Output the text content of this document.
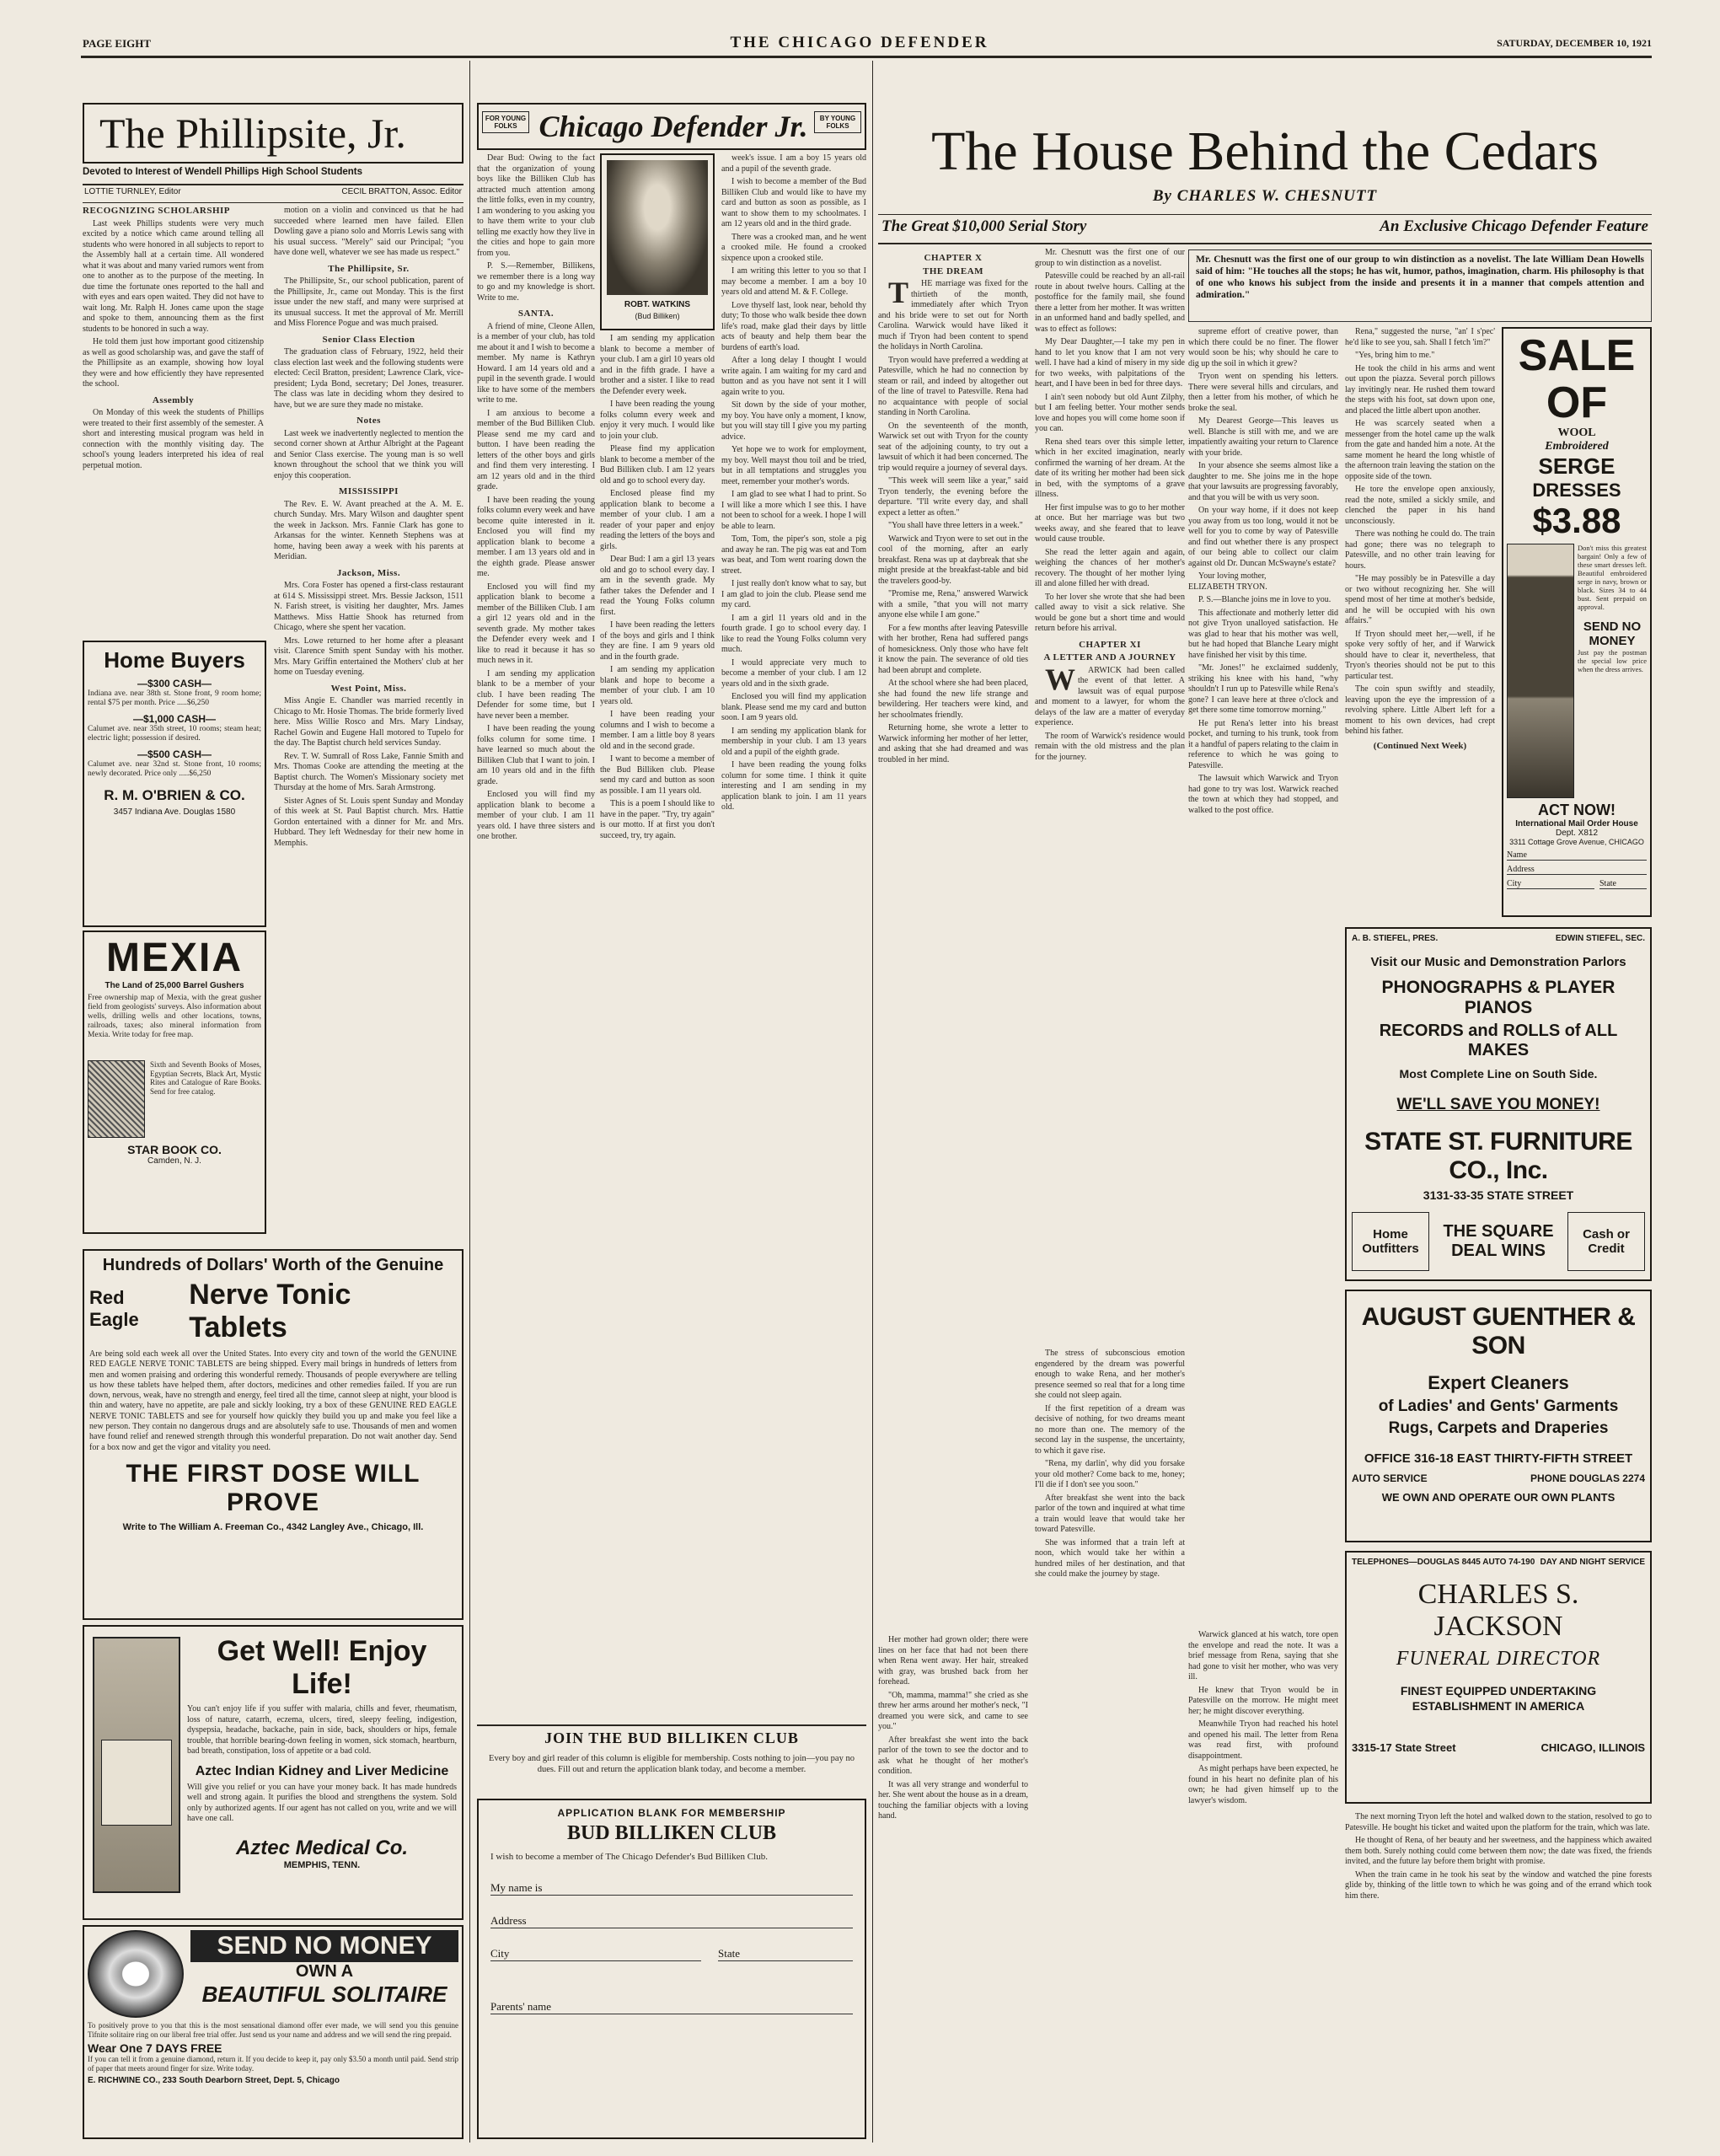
PAGE EIGHT	THE CHICAGO DEFENDER	SATURDAY, DECEMBER 10, 1921
The Phillipsite, Jr.
Devoted to Interest of Wendell Phillips High School Students
LOTTIE TURNLEY, Editor	CECIL BRATTON, Assoc. Editor
RECOGNIZING SCHOLARSHIP

Last week Phillips students were very much excited by a notice which came around telling all students who were honored in all subjects to report to the Assembly hall at a certain time. All wondered what it was about and many varied rumors went from one to another as to the purpose of the meeting. In due time the fortunate ones reported to the hall and with eyes and ears open waited. They did not have to wait long. Mr. Ralph H. Jones came upon the stage and spoke to them, announcing them as the first students to be honored in such a way.

He told them just how important good citizenship as well as good scholarship was, and gave the staff of the Phillipsite as an example, showing how loyal they were and how efficiently they have represented the school.

Assembly

On Monday of this week the students of Phillips were treated to their first assembly of the semester. A short and interesting musical program was held in connection with the monthly visiting day. The school's young leaders interpreted his idea of real perpetual motion.

motion on a violin and convinced us that he had succeeded where learned men have failed. Ellen Dowling gave a piano solo and Morris Lewis sang with his usual success. "Merely" said our Principal; "you have done well, whatever we see has made us respect."

The Phillipsite, Sr.

The Phillipsite, Sr., our school publication, parent of the Phillipsite, Jr., came out Monday. This is the first issue under the new staff, and many were surprised at its unusual success. It met the approval of Mr. Merrill and Miss Florence Pogue and was much praised.

Senior Class Election

The graduation class of February, 1922, held their class election last week and the following students were elected: Cecil Bratton, president; Lawrence Clark, vice-president; Lyda Bond, secretary; Del Jones, treasurer. The class was late in deciding whom they desired to have, but we are sure they made no mistake.

Notes

Last week we inadvertently neglected to mention the second corner shown at Arthur Albright at the Pageant and Senior Class exercise. The young man is so well known throughout the school that we think you will enjoy this cooperation.

MISSISSIPPI

The Rev. E. W. Avant preached at the A. M. E. church Sunday. Mrs. Mary Wilson and daughter spent the week in Jackson. Mrs. Fannie Clark has gone to Arkansas for the winter. Kenneth Stephens was at home, having been away a week with his parents at Meridian.

Jackson, Miss.

Mrs. Cora Foster has opened a first-class restaurant at 614 S. Mississippi street. Mrs. Bessie Jackson, 1511 N. Farish street, is visiting her daughter, Mrs. James Matthews. Miss Hattie Shook has returned from Chicago, where she spent her vacation.

Mrs. Lowe returned to her home after a pleasant visit. Clarence Smith spent Sunday with his mother. Mrs. Mary Griffin entertained the Mothers' club at her home on Tuesday evening.

West Point, Miss.

Miss Angie E. Chandler was married recently in Chicago to Mr. Hosie Thomas. The bride formerly lived here. Miss Willie Rosco and Mrs. Mary Lindsay, Rachel Gowin and Eugene Hall motored to Tupelo for the day. The Baptist church held services Sunday.

Rev. T. W. Sumrall of Ross Lake, Fannie Smith and Mrs. Thomas Cooke are attending the meeting at the Baptist church. The Women's Missionary society met Thursday at the home of Mrs. Sarah Armstrong.

Sister Agnes of St. Louis spent Sunday and Monday of this week at St. Paul Baptist church. Mrs. Hattie Gordon entertained with a dinner for Mr. and Mrs. Hubbard. They left Wednesday for their new home in Memphis.

Home Buyers
—$300 CASH—
Indiana ave. near 38th st. Stone front, 9 room home; rental $75 per month. Price .....$6,250
—$1,000 CASH—
Calumet ave. near 35th street, 10 rooms; steam heat; electric light; possession if desired.
—$500 CASH—
Calumet ave. near 32nd st. Stone front, 10 rooms; newly decorated. Price only .....$6,250
R. M. O'BRIEN & CO.
3457 Indiana Ave. Douglas 1580
MEXIA
The Land of 25,000 Barrel Gushers
Free ownership map of Mexia, with the great gusher field from geologists' surveys. Also information about wells, drilling wells and other locations, towns, railroads, taxes; also mineral information from Mexia. Write today for free map.
Sixth and Seventh Books of Moses, Egyptian Secrets, Black Art, Mystic Rites and Catalogue of Rare Books. Send for free catalog.
STAR BOOK CO.
Camden, N. J.
Hundreds of Dollars' Worth of the Genuine
Red Eagle
Nerve Tonic Tablets
Are being sold each week all over the United States. Into every city and town of the world the GENUINE RED EAGLE NERVE TONIC TABLETS are being shipped. Every mail brings in hundreds of letters from men and women praising and ordering this wonderful remedy. Thousands of people everywhere are telling us how these tablets have helped them, after doctors, medicines and other remedies failed. If you are run down, nervous, weak, have no strength and energy, feel tired all the time, cannot sleep at night, your blood is thin and watery, have no appetite, are pale and sickly looking, try a box of these GENUINE RED EAGLE NERVE TONIC TABLETS and see for yourself how quickly they build you up and make you feel like a new person. They contain no dangerous drugs and are absolutely safe to use. Thousands of men and women have found relief and renewed strength through this wonderful preparation. Do not wait another day. Send for a box now and get the vigor and vitality you need.
THE FIRST DOSE WILL PROVE
Write to The William A. Freeman Co., 4342 Langley Ave., Chicago, Ill.
Get Well! Enjoy Life!
You can't enjoy life if you suffer with malaria, chills and fever, rheumatism, loss of nature, catarrh, eczema, ulcers, tired, sleepy feeling, indigestion, dyspepsia, headache, backache, pain in side, back, shoulders or hips, female trouble, that horrible bearing-down feeling in women, sick stomach, heartburn, bad breath, constipation, loss of appetite or a bad cold.
Aztec Indian Kidney and Liver Medicine
Will give you relief or you can have your money back. It has made hundreds well and strong again. It purifies the blood and strengthens the system. Sold only by authorized agents. If our agent has not called on you, write and we will have one call.
Aztec Medical Co.
MEMPHIS, TENN.
SEND NO MONEY
OWN A
BEAUTIFUL SOLITAIRE
To positively prove to you that this is the most sensational diamond offer ever made, we will send you this genuine Tifnite solitaire ring on our liberal free trial offer. Just send us your name and address and we will send the ring prepaid.
Wear One 7 DAYS FREE
If you can tell it from a genuine diamond, return it. If you decide to keep it, pay only $3.50 a month until paid. Send strip of paper that meets around finger for size. Write today.
E. RICHWINE CO., 233 South Dearborn Street, Dept. 5, Chicago
FOR YOUNG FOLKS Chicago Defender Jr.	BY YOUNG FOLKS

Dear Bud: Owing to the fact that the organization of young boys like the Billiken Club has attracted much attention among the little folks, even in my country, I am wondering to you asking you to have them write to your club telling me exactly how they live in the cities and hope to gain more from you.

P. S.—Remember, Billikens, we remember there is a long way to go and my knowledge is short. Write to me.

SANTA.

A friend of mine, Cleone Allen, is a member of your club, has told me about it and I wish to become a member. My name is Kathryn Howard. I am 14 years old and a pupil in the seventh grade. I would like to have some of the members write to me.

I am anxious to become a member of the Bud Billiken Club. Please send me my card and button. I have been reading the letters of the other boys and girls and find them very interesting. I am 12 years old and in the third grade.

I have been reading the young folks column every week and have become quite interested in it. Enclosed you will find my application blank to become a member. I am 13 years old and in the eighth grade. Please answer me.

Enclosed you will find my application blank to become a member of the Billiken Club. I am a girl 12 years old and in the seventh grade. My mother takes the Defender every week and I like to read it because it has so much news in it.

I am sending my application blank to be a member of your club. I have been reading The Defender for some time, but I have never been a member.

I have been reading the young folks column for some time. I have learned so much about the Billiken Club that I want to join. I am 10 years old and in the fifth grade.

Enclosed you will find my application blank to become a member of your club. I am 11 years old. I have three sisters and one brother.

ROBT. WATKINS
(Bud Billiken)

I am sending my application blank to become a member of your club. I am a girl 10 years old and in the fifth grade. I have a brother and a sister. I like to read the Defender every week.

I have been reading the young folks column every week and enjoy it very much. I would like to join your club.

Please find my application blank to become a member of the Bud Billiken club. I am 12 years old and go to school every day.

Enclosed please find my application blank to become a member of your club. I am a reader of your paper and enjoy reading the letters of the boys and girls.

Dear Bud: I am a girl 13 years old and go to school every day. I am in the seventh grade. My father takes the Defender and I read the Young Folks column first.

I have been reading the letters of the boys and girls and I think they are fine. I am 9 years old and in the fourth grade.

I am sending my application blank and hope to become a member of your club. I am 10 years old.

I have been reading your columns and I wish to become a member. I am a little boy 8 years old and in the second grade.

I want to become a member of the Bud Billiken club. Please send my card and button as soon as possible. I am 11 years old.

This is a poem I should like to have in the paper. "Try, try again" is our motto. If at first you don't succeed, try, try again.

week's issue. I am a boy 15 years old and a pupil of the seventh grade.

I wish to become a member of the Bud Billiken Club and would like to have my card and button as soon as possible, as I want to show them to my schoolmates. I am 12 years old and in the third grade.

There was a crooked man, and he went a crooked mile. He found a crooked sixpence upon a crooked stile.

I am writing this letter to you so that I may become a member. I am a boy 10 years old and attend M. & F. College.

Love thyself last, look near, behold thy duty; To those who walk beside thee down life's road, make glad their days by little acts of beauty and help them bear the burdens of earth's load.

After a long delay I thought I would write again. I am waiting for my card and button and as you have not sent it I will again write to you.

Sit down by the side of your mother, my boy. You have only a moment, I know, but you will stay till I give you my parting advice.

Yet hope we to work for employment, my boy. Well mayst thou toil and be tried, but in all temptations and struggles you meet, remember your mother's words.

I am glad to see what I had to print. So I will like a more which I see this. I have not been to school for a week. I hope I will be able to learn.

Tom, Tom, the piper's son, stole a pig and away he ran. The pig was eat and Tom was beat, and Tom went roaring down the street.

I just really don't know what to say, but I am glad to join the club. Please send me my card.

I am a girl 11 years old and in the fourth grade. I go to school every day. I like to read the Young Folks column very much.

I would appreciate very much to become a member of your club. I am 12 years old and in the sixth grade.

Enclosed you will find my application blank. Please send me my card and button soon. I am 9 years old.

I am sending my application blank for membership in your club. I am 13 years old and a pupil of the eighth grade.

I have been reading the young folks column for some time. I think it quite interesting and I am sending in my application blank to join. I am 11 years old.

JOIN THE BUD BILLIKEN CLUB
Every boy and girl reader of this column is eligible for membership. Costs nothing to join—you pay no dues. Fill out and return the application blank today, and become a member.
APPLICATION BLANK FOR MEMBERSHIP
BUD BILLIKEN CLUB
I wish to become a member of The Chicago Defender's Bud Billiken Club.
My name is
Address
City	State
Parents' name
The House Behind the Cedars
By CHARLES W. CHESNUTT
The Great $10,000 Serial Story	An Exclusive Chicago Defender Feature
CHAPTER X
THE DREAM

T HE marriage was fixed for the thirtieth of the month, immediately after which Tryon and his bride were to set out for North Carolina. Warwick would have liked it much if Tryon had been content to spend the holidays in North Carolina.

Tryon would have preferred a wedding at Patesville, which he had no connection by steam or rail, and indeed by altogether out of the line of travel to Patesville. Rena had no acquaintance with people of social standing in North Carolina.

On the seventeenth of the month, Warwick set out with Tryon for the county seat of the adjoining county, to try out a lawsuit of which it had been concerned. The trip would require a journey of several days.

"This week will seem like a year," said Tryon tenderly, the evening before the departure. "I'll write every day, and shall expect a letter as often."

"You shall have three letters in a week."

Warwick and Tryon were to set out in the cool of the morning, after an early breakfast. Rena was up at daybreak that she might preside at the breakfast-table and bid the travelers good-by.

"Promise me, Rena," answered Warwick with a smile, "that you will not marry anyone else while I am gone."

For a few months after leaving Patesville with her brother, Rena had suffered pangs of homesickness. Only those who have felt it know the pain. The severance of old ties had been abrupt and complete.

At the school where she had been placed, she had found the new life strange and bewildering. Her teachers were kind, and her schoolmates friendly.

Returning home, she wrote a letter to Warwick informing her mother of her letter, and asking that she had dreamed and was troubled in her mind.

Mr. Chesnutt was the first one of our group to win distinction as a novelist.

Patesville could be reached by an all-rail route in about twelve hours. Calling at the postoffice for the family mail, she found there a letter from her mother. It was written in an unformed hand and badly spelled, and was to effect as follows:

My Dear Daughter,—I take my pen in hand to let you know that I am not very well. I have had a kind of misery in my side for two weeks, with palpitations of the heart, and I have been in bed for three days.

I ain't seen nobody but old Aunt Zilphy, but I am feeling better. Your mother sends love and hopes you will come home soon if you can.

Rena shed tears over this simple letter, which in her excited imagination, nearly confirmed the warning of her dream. At the date of its writing her mother had been sick in bed, with the symptoms of a grave illness.

Her first impulse was to go to her mother at once. But her marriage was but two weeks away, and she feared that to leave would cause trouble.

She read the letter again and again, weighing the chances of her mother's recovery. The thought of her mother lying ill and alone filled her with dread.

To her lover she wrote that she had been called away to visit a sick relative. She would be gone but a short time and would return before his arrival.

CHAPTER XI
A LETTER AND A JOURNEY

W ARWICK had been called the event of that letter. A lawsuit was of equal purpose and moment to a lawyer, for whom the delays of the law are a matter of everyday experience.

The room of Warwick's residence would remain with the old mistress and the plan for the journey.

Mr. Chesnutt was the first one of our group to win distinction as a novelist. The late William Dean Howells said of him: "He touches all the stops; he has wit, humor, pathos, imagination, charm. His philosophy is that of one who knows his subject from the inside and presents it in a manner that compels attention and admiration."

supreme effort of creative power, than which there could be no finer. The flower would soon be his; why should he care to dig up the soil in which it grew?

Tryon went on spending his letters. There were several hills and circulars, and then a letter from his mother, of which he broke the seal.

My Dearest George—This leaves us well. Blanche is still with me, and we are impatiently awaiting your return to Clarence with your bride.

In your absence she seems almost like a daughter to me. She joins me in the hope that your lawsuits are progressing favorably, and that you will be with us very soon.

On your way home, if it does not keep you away from us too long, would it not be well for you to come by way of Patesville and find out whether there is any prospect of our being able to collect our claim against old Dr. Duncan McSwayne's estate?

Your loving mother,
ELIZABETH TRYON.

P. S.—Blanche joins me in love to you.

This affectionate and motherly letter did not give Tryon unalloyed satisfaction. He was glad to hear that his mother was well, but he had hoped that Blanche Leary might have finished her visit by this time.

"Mr. Jones!" he exclaimed suddenly, striking his knee with his hand, "why shouldn't I run up to Patesville while Rena's gone? I can leave here at three o'clock and get there some time tomorrow morning."

He put Rena's letter into his breast pocket, and turning to his trunk, took from it a handful of papers relating to the claim in reference to which he was going to Patesville.

The lawsuit which Warwick and Tryon had gone to try was lost. Warwick reached the town at which they had stopped, and walked to the post office.

Rena," suggested the nurse, "an' I s'pec' he'd like to see you, sah. Shall I fetch 'im?"

"Yes, bring him to me."

He took the child in his arms and went out upon the piazza. Several porch pillows lay invitingly near. He rushed them toward the steps with his foot, sat down upon one, and placed the little albert upon another.

He was scarcely seated when a messenger from the hotel came up the walk from the gate and handed him a note. At the same moment he heard the long whistle of the afternoon train leaving the station on the opposite side of the town.

He tore the envelope open anxiously, read the note, smiled a sickly smile, and clenched the paper in his hand unconsciously.

There was nothing he could do. The train had gone; there was no telegraph to Patesville, and no other train leaving for hours.

"He may possibly be in Patesville a day or two without recognizing her. She will spend most of her time at mother's bedside, and he will be occupied with his own affairs."

If Tryon should meet her,—well, if he spoke very softly of her, and if Warwick should have to clear it, nevertheless, that Tryon's theories should not be put to this particular test.

The coin spun swiftly and steadily, leaving upon the eye the impression of a revolving sphere. Little Albert left for a moment to his own devices, had crept behind his father.

(Continued Next Week)
SALE OF
WOOL
Embroidered
SERGE
DRESSES
$3.88
Don't miss this greatest bargain! Only a few of these smart dresses left. Beautiful embroidered serge in navy, brown or black. Sizes 34 to 44 bust. Sent prepaid on approval.
SEND NO MONEY
Just pay the postman the special low price when the dress arrives.
ACT NOW!
International Mail Order House
Dept. X812
3311 Cottage Grove Avenue, CHICAGO
Name
Address
City	State
A. B. STIEFEL, PRES.	EDWIN STIEFEL, SEC.
Visit our Music and Demonstration Parlors
PHONOGRAPHS & PLAYER PIANOS
RECORDS and ROLLS of ALL MAKES
Most Complete Line on South Side.
WE'LL SAVE YOU MONEY!
STATE ST. FURNITURE CO., Inc.
3131-33-35 STATE STREET
Home Outfitters
THE SQUARE DEAL WINS
Cash or Credit
AUGUST GUENTHER & SON
Expert Cleaners
of Ladies' and Gents' Garments
Rugs, Carpets and Draperies
OFFICE 316-18 EAST THIRTY-FIFTH STREET
AUTO SERVICE	PHONE DOUGLAS 2274
WE OWN AND OPERATE OUR OWN PLANTS
TELEPHONES—DOUGLAS 8445 AUTO 74-190 DAY AND NIGHT SERVICE
CHARLES S. JACKSON
FUNERAL DIRECTOR
FINEST EQUIPPED UNDERTAKING
ESTABLISHMENT IN AMERICA
3315-17 State Street	CHICAGO, ILLINOIS

The stress of subconscious emotion engendered by the dream was powerful enough to wake Rena, and her mother's presence seemed so real that for a long time she could not sleep again.

If the first repetition of a dream was decisive of nothing, for two dreams meant no more than one. The memory of the second lay in the suspense, the uncertainty, to which it gave rise.

"Rena, my darlin', why did you forsake your old mother? Come back to me, honey; I'll die if I don't see you soon."

After breakfast she went into the back parlor of the town and inquired at what time a train would leave that would take her toward Patesville.

She was informed that a train left at noon, which would take her within a hundred miles of her destination, and that she could make the journey by stage.

Warwick glanced at his watch, tore open the envelope and read the note. It was a brief message from Rena, saying that she had gone to visit her mother, who was very ill.

He knew that Tryon would be in Patesville on the morrow. He might meet her; he might discover everything.

Meanwhile Tryon had reached his hotel and opened his mail. The letter from Rena was read first, with profound disappointment.

As might perhaps have been expected, he found in his heart no definite plan of his own; he had given himself up to the lawyer's wisdom.

Her mother had grown older; there were lines on her face that had not been there when Rena went away. Her hair, streaked with gray, was brushed back from her forehead.

"Oh, mamma, mamma!" she cried as she threw her arms around her mother's neck, "I dreamed you were sick, and came to see you."

After breakfast she went into the back parlor of the town to see the doctor and to ask what he thought of her mother's condition.

It was all very strange and wonderful to her. She went about the house as in a dream, touching the familiar objects with a loving hand.	The next morning Tryon left the hotel and walked down to the station, resolved to go to Patesville. He bought his ticket and waited upon the platform for the train, which was late.

He thought of Rena, of her beauty and her sweetness, and the happiness which awaited them both. Surely nothing could come between them now; the date was fixed, the friends invited, and the future lay before them bright with promise.

When the train came in he took his seat by the window and watched the pine forests glide by, thinking of the little town to which he was going and of the errand which took him there.
